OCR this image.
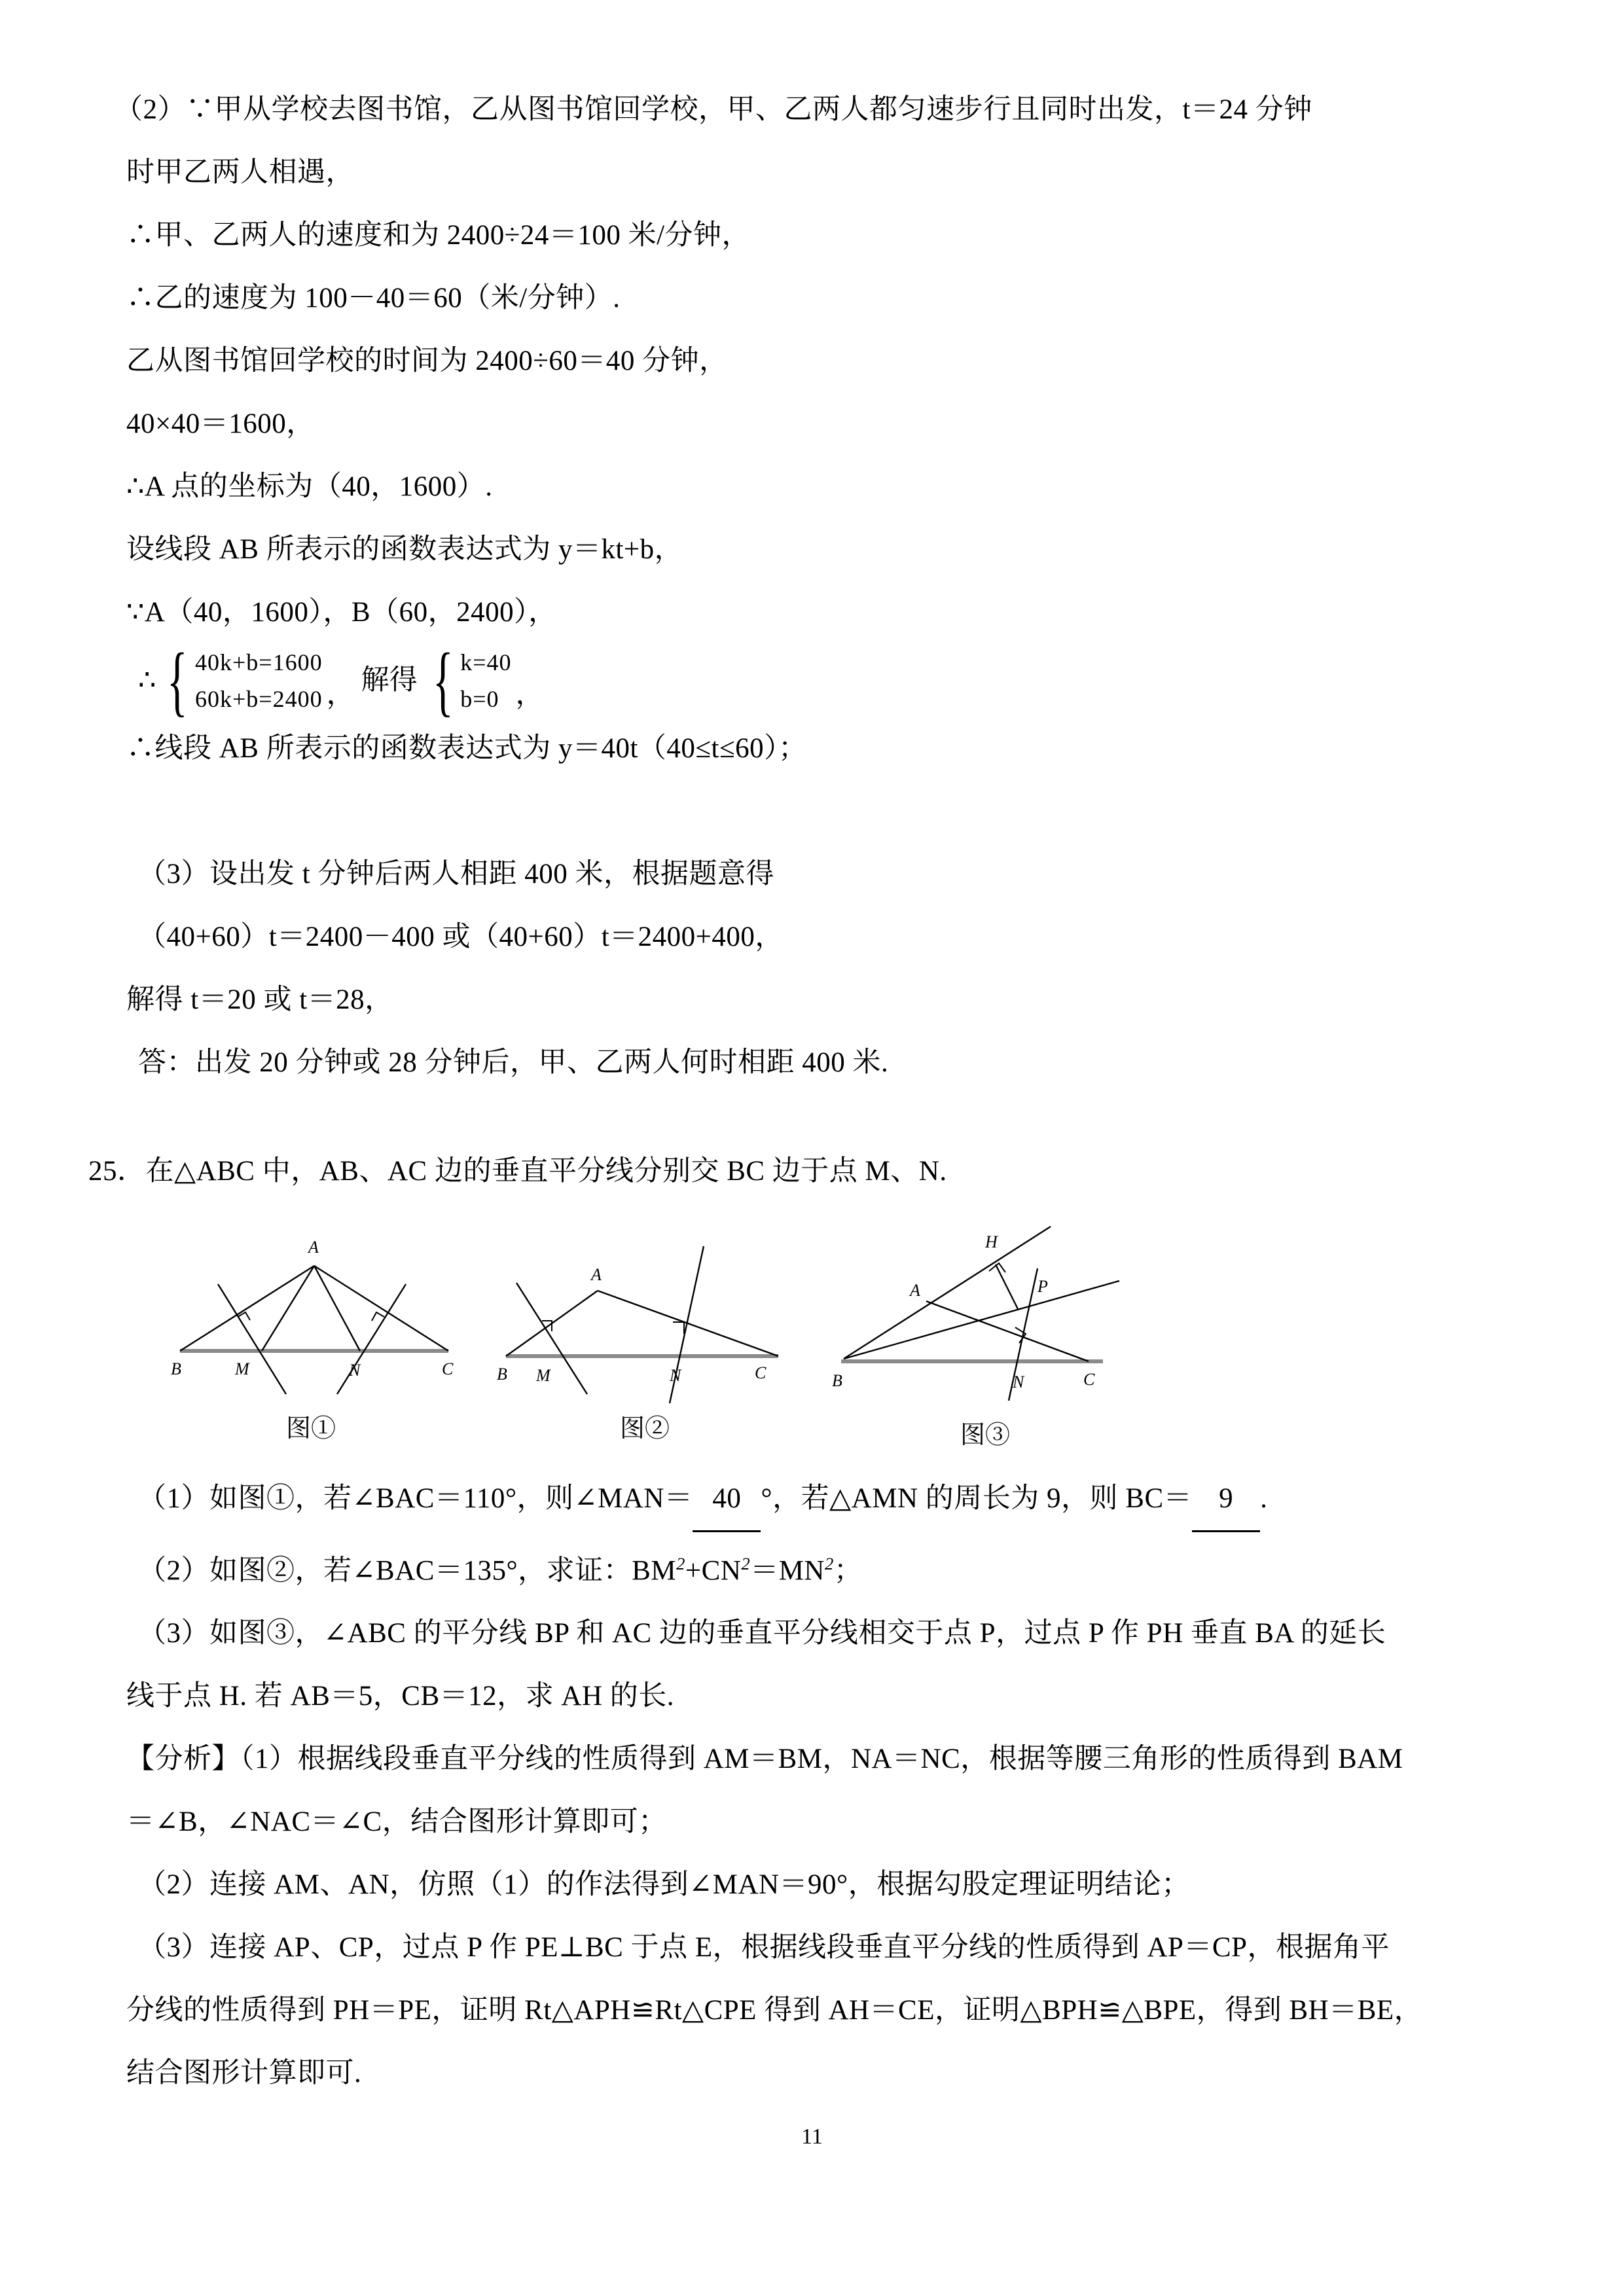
（2）∵甲从学校去图书馆，乙从图书馆回学校，甲、乙两人都匀速步行且同时出发，t＝24 分钟
时甲乙两人相遇，
∴甲、乙两人的速度和为 2400÷24＝100 米/分钟，
∴乙的速度为 100－40＝60（米/分钟）.
乙从图书馆回学校的时间为 2400÷60＝40 分钟，
40×40＝1600，
∴A 点的坐标为（40，1600）.
设线段 AB 所表示的函数表达式为 y＝kt+b，
∵A（40，1600），B（60，2400），
∴ { 40k+b=1600
60k+b=2400 ， 解得 { k=40
b=0 ，
∴线段 AB 所表示的函数表达式为 y＝40t（40≤t≤60）；
（3）设出发 t 分钟后两人相距 400 米，根据题意得
（40+60）t＝2400－400 或（40+60）t＝2400+400，
解得 t＝20 或 t＝28，
答：出发 20 分钟或 28 分钟后，甲、乙两人何时相距 400 米.
25．在△ABC 中，AB、AC 边的垂直平分线分别交 BC 边于点 M、N.
A
B	M	N	C
图①
A
B M	N	C
图②
H
P
A
B	N	C
图③
（1）如图①，若∠BAC＝110°，则∠MAN＝ 40 °，若△AMN 的周长为 9，则 BC＝ 9 .
（2）如图②，若∠BAC＝135°，求证：$BM^2+CN^2=MN^2$；
（3）如图③，∠ABC 的平分线 BP 和 AC 边的垂直平分线相交于点 P，过点 P 作 PH 垂直 BA 的延长
线于点 H. 若 AB＝5，CB＝12，求 AH 的长.
【分析】（1）根据线段垂直平分线的性质得到 AM＝BM，NA＝NC，根据等腰三角形的性质得到 BAM
＝∠B，∠NAC＝∠C，结合图形计算即可；
（2）连接 AM、AN，仿照（1）的作法得到∠MAN＝90°，根据勾股定理证明结论；
（3）连接 AP、CP，过点 P 作 PE⊥BC 于点 E，根据线段垂直平分线的性质得到 AP＝CP，根据角平
分线的性质得到 PH＝PE，证明 Rt△APH≌Rt△CPE 得到 AH＝CE，证明△BPH≌△BPE，得到 BH＝BE，
结合图形计算即可.
11
